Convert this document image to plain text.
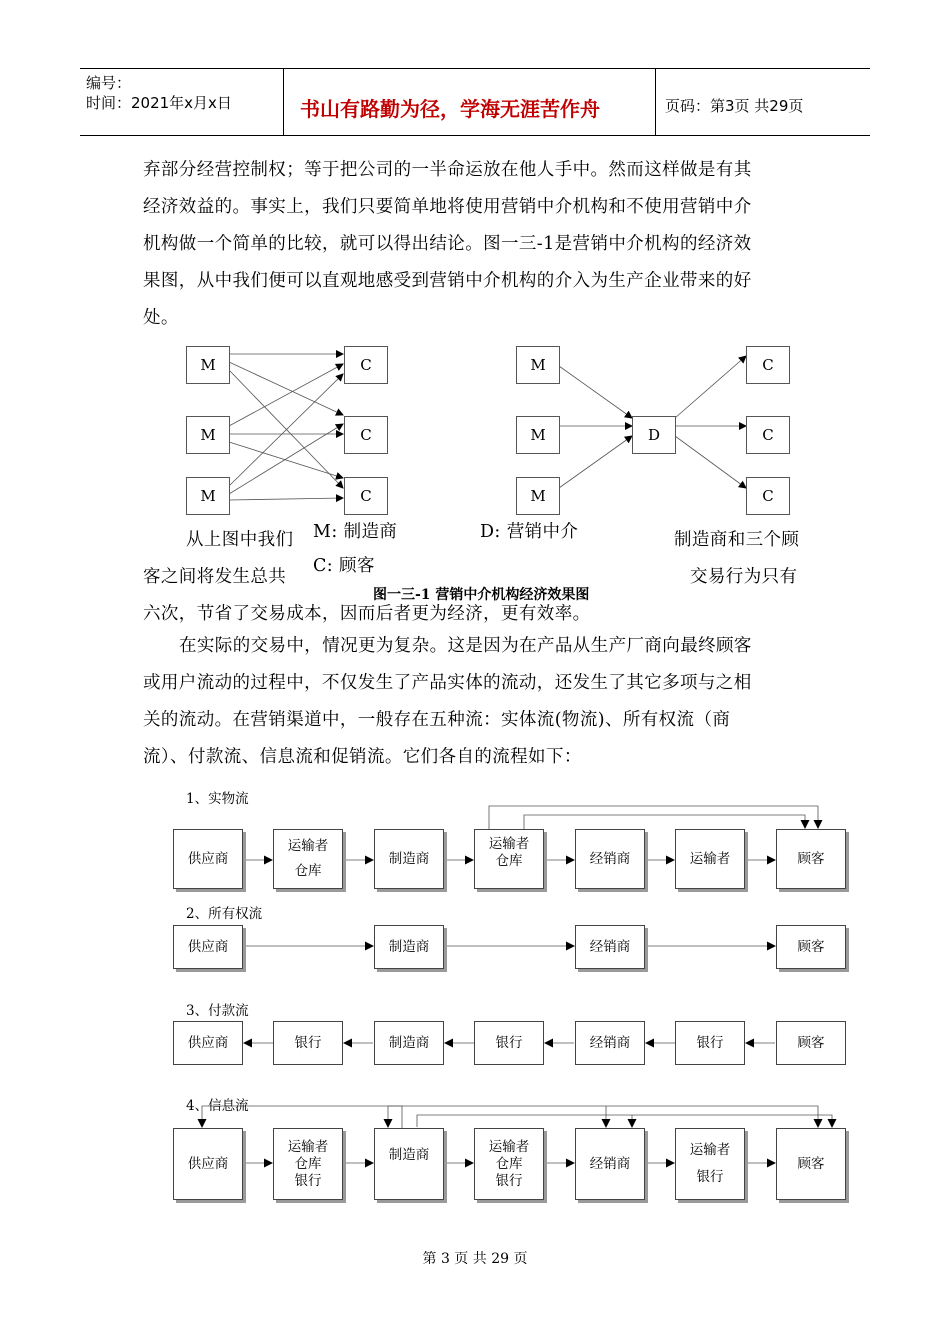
编号：
时间：2021年x月x日	书山有路勤为径，学海无涯苦作舟	页码：第3页 共29页

弃部分经营控制权；等于把公司的一半命运放在他人手中。然而这样做是有其

经济效益的。事实上，我们只要简单地将使用营销中介机构和不使用营销中介

机构做一个简单的比较，就可以得出结论。图一三-1是营销中介机构的经济效

果图，从中我们便可以直观地感受到营销中介机构的介入为生产企业带来的好

处。

M
M
M
C
C
C
M
M
M
D
C
C
C
从上图中我们 M: 制造商	D: 营销中介	制造商和三个顾
客之间将发生总共
C: 顾客
交易行为只有
图一三-1 营销中介机构经济效果图
六次，节省了交易成本，因而后者更为经济，更有效率。

在实际的交易中，情况更为复杂。这是因为在产品从生产厂商向最终顾客

或用户流动的过程中，不仅发生了产品实体的流动，还发生了其它多项与之相

关的流动。在营销渠道中，一般存在五种流：实体流(物流)、所有权流（商

流）、付款流、信息流和促销流。它们各自的流程如下：

1、实物流
供应商
运输者
仓库
制造商
运输者
仓库	经销商	运输者	顾客
2、所有权流
供应商	制造商	经销商	顾客
3、付款流
供应商	银行	制造商	银行	经销商	银行	顾客
4、信息流
供应商
运输者
仓库
银行
制造商
运输者
仓库
银行
经销商
运输者
银行
顾客
第 3 页 共 29 页
